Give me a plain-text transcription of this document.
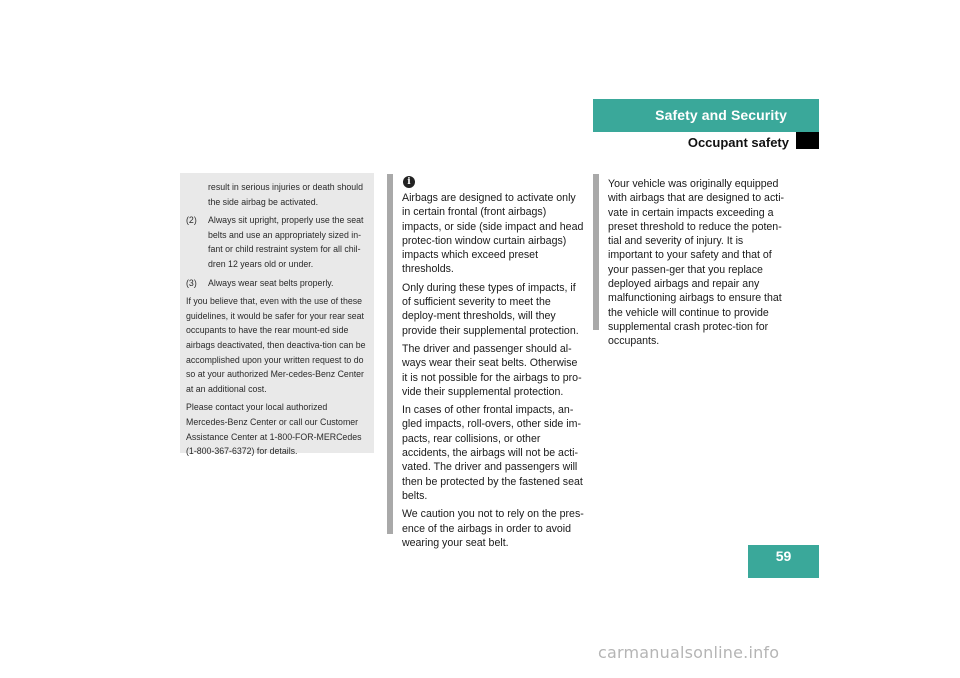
Safety and Security
Occupant safety

result in serious injuries or death should the side airbag be activated.

(2) Always sit upright, properly use the seat belts and use an appropriately sized in-fant or child restraint system for all chil-dren 12 years old or under.

(3) Always wear seat belts properly.

If you believe that, even with the use of these guidelines, it would be safer for your rear seat occupants to have the rear mount-ed side airbags deactivated, then deactiva-tion can be accomplished upon your written request to do so at your authorized Mer-cedes-Benz Center at an additional cost.

Please contact your local authorized Mercedes-Benz Center or call our Customer Assistance Center at 1-800-FOR-MERCedes (1-800-367-6372) for details.

i

Airbags are designed to activate only in certain frontal (front airbags) impacts, or side (side impact and head protec-tion window curtain airbags) impacts which exceed preset thresholds.

Only during these types of impacts, if of sufficient severity to meet the deploy-ment thresholds, will they provide their supplemental protection.

The driver and passenger should al-ways wear their seat belts. Otherwise it is not possible for the airbags to pro-vide their supplemental protection.

In cases of other frontal impacts, an-gled impacts, roll-overs, other side im-pacts, rear collisions, or other accidents, the airbags will not be acti-vated. The driver and passengers will then be protected by the fastened seat belts.

We caution you not to rely on the pres-ence of the airbags in order to avoid wearing your seat belt.

Your vehicle was originally equipped with airbags that are designed to acti-vate in certain impacts exceeding a preset threshold to reduce the poten-tial and severity of injury. It is important to your safety and that of your passen-ger that you replace deployed airbags and repair any malfunctioning airbags to ensure that the vehicle will continue to provide supplemental crash protec-tion for occupants.

59
carmanualsonline.info
